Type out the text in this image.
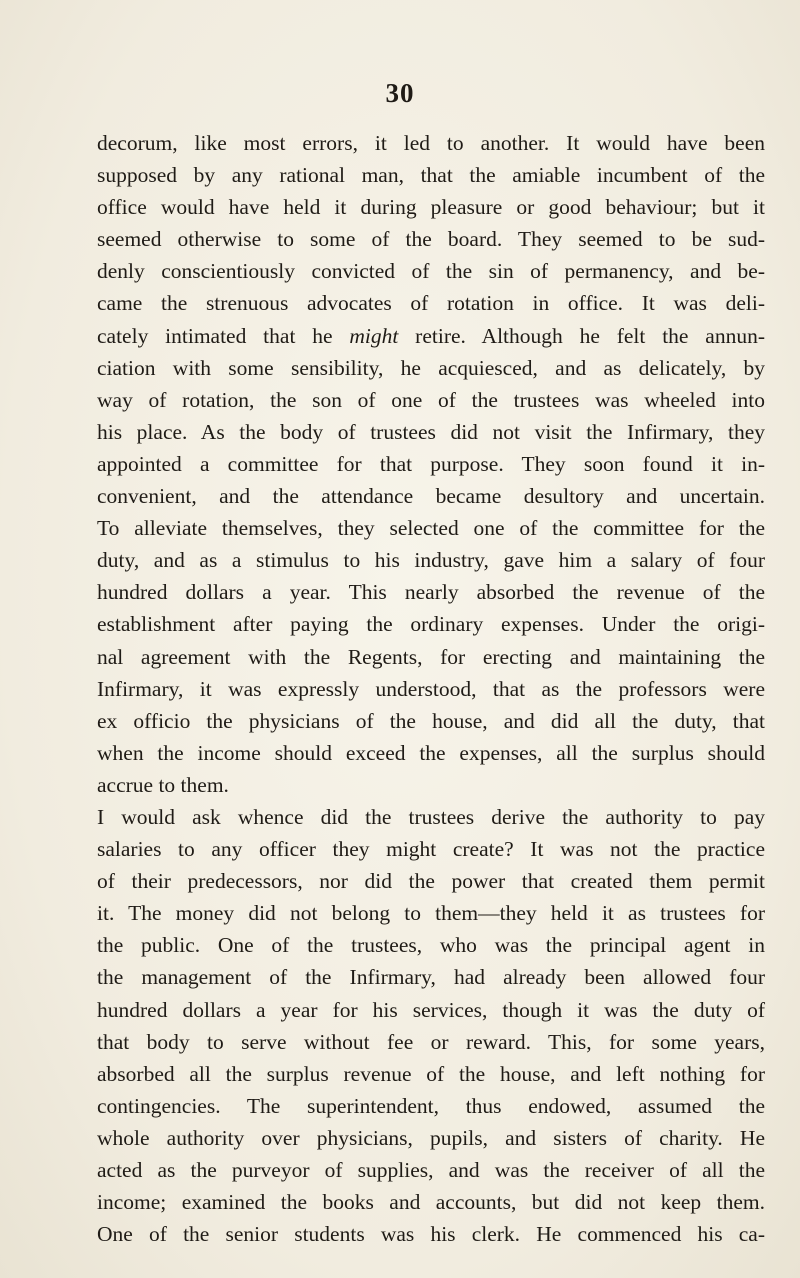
30
decorum, like most errors, it led to another. It would have been
supposed by any rational man, that the amiable incumbent of the
office would have held it during pleasure or good behaviour; but it
seemed otherwise to some of the board. They seemed to be sud-
denly conscientiously convicted of the sin of permanency, and be-
came the strenuous advocates of rotation in office. It was deli-
cately intimated that he might retire. Although he felt the annun-
ciation with some sensibility, he acquiesced, and as delicately, by
way of rotation, the son of one of the trustees was wheeled into
his place. As the body of trustees did not visit the Infirmary, they
appointed a committee for that purpose. They soon found it in-
convenient, and the attendance became desultory and uncertain.
To alleviate themselves, they selected one of the committee for the
duty, and as a stimulus to his industry, gave him a salary of four
hundred dollars a year. This nearly absorbed the revenue of the
establishment after paying the ordinary expenses. Under the origi-
nal agreement with the Regents, for erecting and maintaining the
Infirmary, it was expressly understood, that as the professors were
ex officio the physicians of the house, and did all the duty, that
when the income should exceed the expenses, all the surplus should
accrue to them.
I would ask whence did the trustees derive the authority to pay
salaries to any officer they might create? It was not the practice
of their predecessors, nor did the power that created them permit
it. The money did not belong to them—they held it as trustees for
the public. One of the trustees, who was the principal agent in
the management of the Infirmary, had already been allowed four
hundred dollars a year for his services, though it was the duty of
that body to serve without fee or reward. This, for some years,
absorbed all the surplus revenue of the house, and left nothing for
contingencies. The superintendent, thus endowed, assumed the
whole authority over physicians, pupils, and sisters of charity. He
acted as the purveyor of supplies, and was the receiver of all the
income; examined the books and accounts, but did not keep them.
One of the senior students was his clerk. He commenced his ca-
